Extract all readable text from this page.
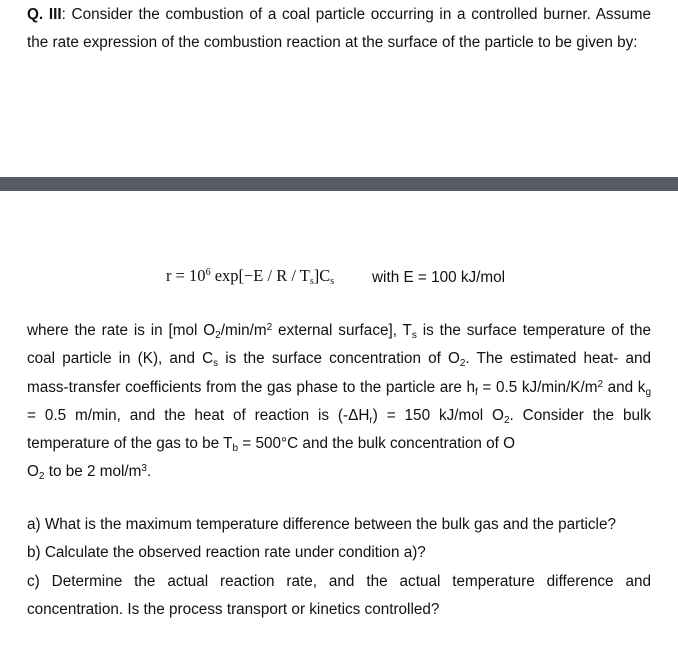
Q. III: Consider the combustion of a coal particle occurring in a controlled burner. Assume the rate expression of the combustion reaction at the surface of the particle to be given by:
$r = 10^6$ $\exp[-E / R / T_s]C_s$ with E = 100 kJ/mol
where the rate is in [mol $O_2/\min/m^2$ external surface], $T_s$ is the surface temperature of the coal particle in (K), and $C_s$ is the surface concentration of $O_2$. The estimated heat- and mass-transfer coefficients from the gas phase to the particle are $h_f = 0.5$ $kJ/\min/K/m^2$ and $k_g = 0.5$ m/min, and the heat of reaction is $(-\Delta H_r) = 150$ kJ/mol $O_2$. Consider the bulk temperature of the gas to be $T_b = 500^\circ C$ and the bulk concentration of O
$O_2$ to be 2 mol/$m^3$.
a) What is the maximum temperature difference between the bulk gas and the particle?
b) Calculate the observed reaction rate under condition a)?
c) Determine the actual reaction rate, and the actual temperature difference and concentration. Is the process transport or kinetics controlled?
